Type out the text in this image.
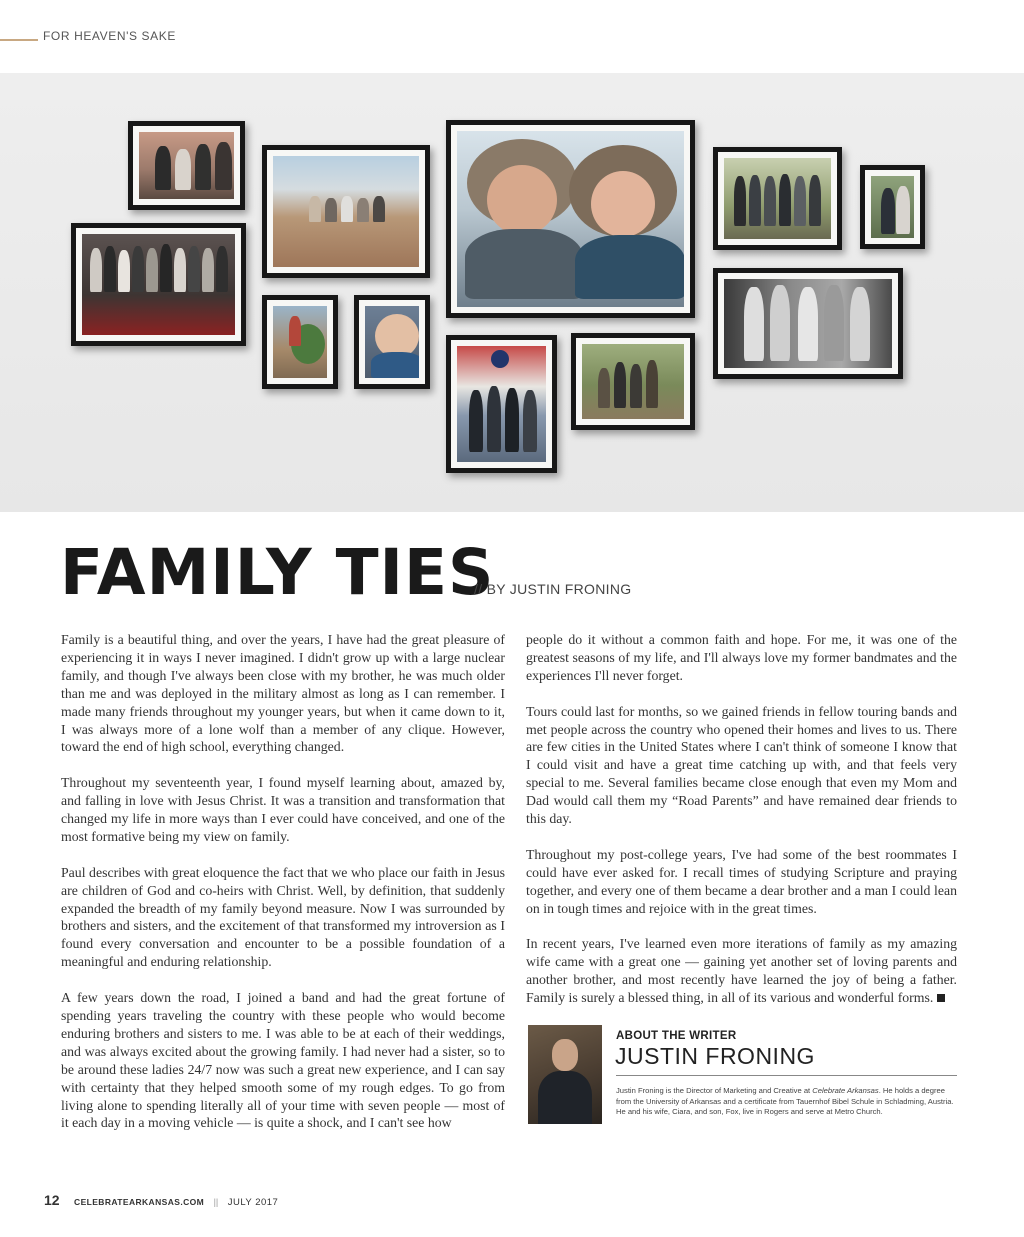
FOR HEAVEN'S SAKE
FAMILY TIES
// BY JUSTIN FRONING

Family is a beautiful thing, and over the years, I have had the great pleasure of experiencing it in ways I never imagined. I didn't grow up with a large nuclear family, and though I've always been close with my brother, he was much older than me and was deployed in the military almost as long as I can remember. I made many friends throughout my younger years, but when it came down to it, I was always more of a lone wolf than a member of any clique. However, toward the end of high school, everything changed.

Throughout my seventeenth year, I found myself learning about, amazed by, and falling in love with Jesus Christ. It was a transition and transformation that changed my life in more ways than I ever could have conceived, and one of the most formative being my view on family.

Paul describes with great eloquence the fact that we who place our faith in Jesus are children of God and co-heirs with Christ. Well, by definition, that suddenly expanded the breadth of my family beyond measure. Now I was surrounded by brothers and sisters, and the excitement of that transformed my introversion as I found every conversation and encounter to be a possible foundation of a meaningful and enduring relationship.

A few years down the road, I joined a band and had the great fortune of spending years traveling the country with these people who would become enduring brothers and sisters to me. I was able to be at each of their weddings, and was always excited about the growing family. I had never had a sister, so to be around these ladies 24/7 now was such a great new experience, and I can say with certainty that they helped smooth some of my rough edges. To go from living alone to spending literally all of your time with seven people — most of it each day in a moving vehicle — is quite a shock, and I can't see how

people do it without a common faith and hope. For me, it was one of the greatest seasons of my life, and I'll always love my former bandmates and the experiences I'll never forget.

Tours could last for months, so we gained friends in fellow touring bands and met people across the country who opened their homes and lives to us. There are few cities in the United States where I can't think of someone I know that I could visit and have a great time catching up with, and that feels very special to me. Several families became close enough that even my Mom and Dad would call them my “Road Parents” and have remained dear friends to this day.

Throughout my post-college years, I've had some of the best roommates I could have ever asked for. I recall times of studying Scripture and praying together, and every one of them became a dear brother and a man I could lean on in tough times and rejoice with in the great times.

In recent years, I've learned even more iterations of family as my amazing wife came with a great one — gaining yet another set of loving parents and another brother, and most recently have learned the joy of being a father. Family is surely a blessed thing, in all of its various and wonderful forms.

ABOUT THE WRITER
JUSTIN FRONING
Justin Froning is the Director of Marketing and Creative at Celebrate Arkansas. He holds a degree from the University of Arkansas and a certificate from Tauernhof Bibel Schule in Schladming, Austria. He and his wife, Ciara, and son, Fox, live in Rogers and serve at Metro Church.
12 CELEBRATEARKANSAS.COM || JULY 2017
